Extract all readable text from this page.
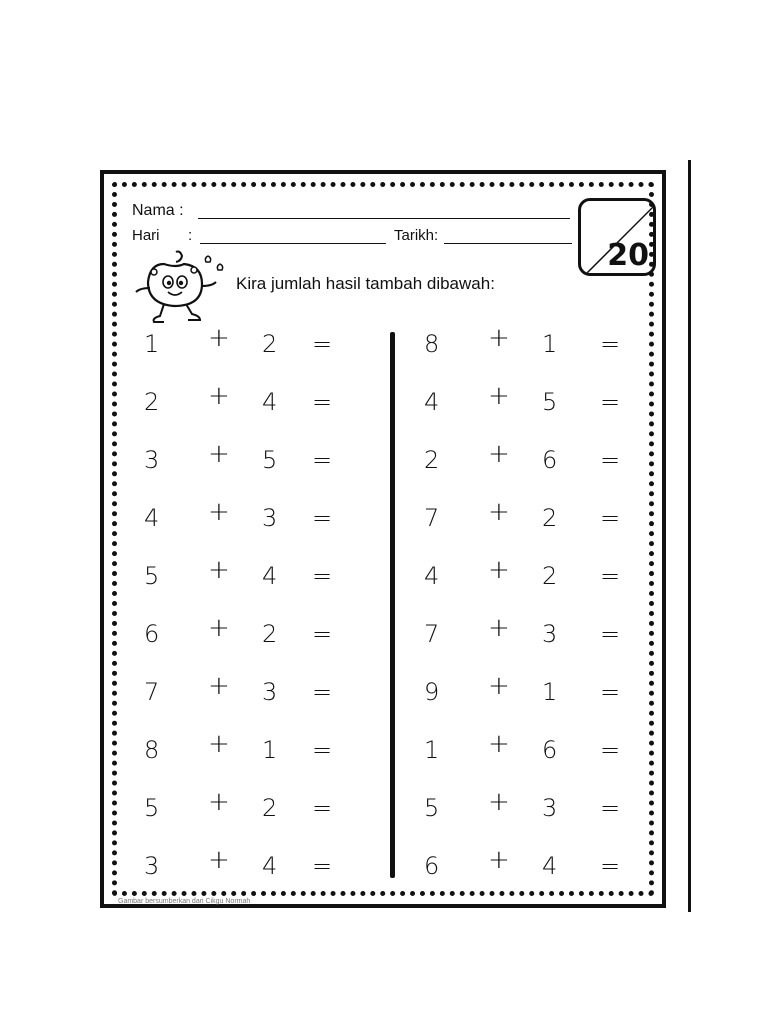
Nama :
Hari :	Tarikh:
20
Kira jumlah hasil tambah dibawah:
1 + 2 =
2 + 4 =
3 + 5 =
4 + 3 =
5 + 4 =
6 + 2 =
7 + 3 =
8 + 1 =
5 + 2 =
3 + 4 =
8 + 1 =
4 + 5 =
2 + 6 =
7 + 2 =
4 + 2 =
7 + 3 =
9 + 1 =
1 + 6 =
5 + 3 =
6 + 4 =
Gambar bersumberkan dari Cikgu Normah
